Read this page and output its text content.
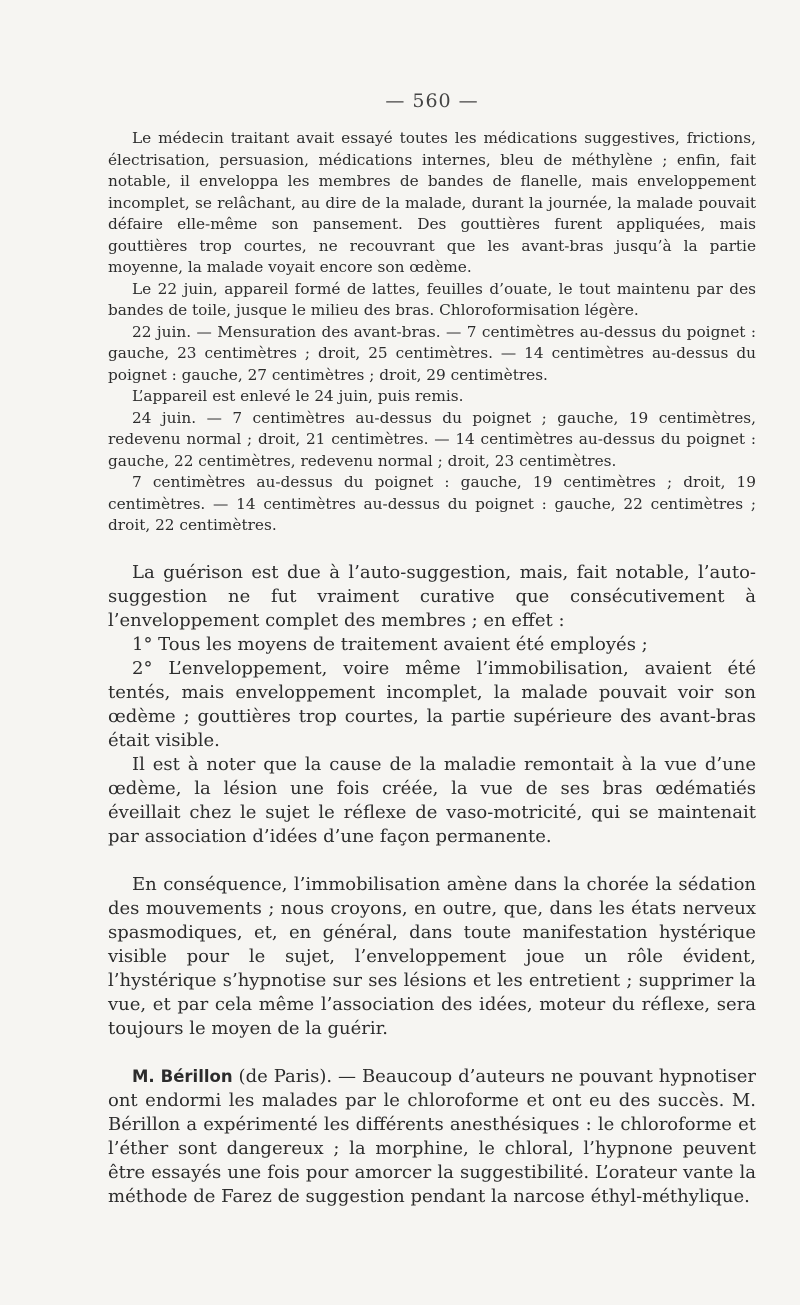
— 560 —

Le médecin traitant avait essayé toutes les médications suggestives, frictions, électrisation, persuasion, médications internes, bleu de méthylène ; enfin, fait notable, il enveloppa les membres de bandes de flanelle, mais enveloppement incomplet, se relâchant, au dire de la malade, durant la journée, la malade pouvait défaire elle-même son pansement. Des gouttières furent appliquées, mais gouttières trop courtes, ne recouvrant que les avant-bras jusqu’à la partie moyenne, la malade voyait encore son œdème.

Le 22 juin, appareil formé de lattes, feuilles d’ouate, le tout maintenu par des bandes de toile, jusque le milieu des bras. Chloroformisation légère.

22 juin. — Mensuration des avant-bras. — 7 centimètres au-dessus du poignet : gauche, 23 centimètres ; droit, 25 centimètres. — 14 centimètres au-dessus du poignet : gauche, 27 centimètres ; droit, 29 centimètres.

L’appareil est enlevé le 24 juin, puis remis.

24 juin. — 7 centimètres au-dessus du poignet ; gauche, 19 centimètres, redevenu normal ; droit, 21 centimètres. — 14 centimètres au-dessus du poignet : gauche, 22 centimètres, redevenu normal ; droit, 23 centimètres.

7 centimètres au-dessus du poignet : gauche, 19 centimètres ; droit, 19 centimètres. — 14 centimètres au-dessus du poignet : gauche, 22 centimètres ; droit, 22 centimètres.

La guérison est due à l’auto-suggestion, mais, fait notable, l’auto-suggestion ne fut vraiment curative que consécutivement à l’enveloppement complet des membres ; en effet :

1° Tous les moyens de traitement avaient été employés ;

2° L’enveloppement, voire même l’immobilisation, avaient été tentés, mais enveloppement incomplet, la malade pouvait voir son œdème ; gouttières trop courtes, la partie supérieure des avant-bras était visible.

Il est à noter que la cause de la maladie remontait à la vue d’une œdème, la lésion une fois créée, la vue de ses bras œdématiés éveillait chez le sujet le réflexe de vaso-motricité, qui se maintenait par association d’idées d’une façon permanente.

En conséquence, l’immobilisation amène dans la chorée la sédation des mouvements ; nous croyons, en outre, que, dans les états nerveux spasmodiques, et, en général, dans toute manifestation hystérique visible pour le sujet, l’enveloppement joue un rôle évident, l’hystérique s’hypnotise sur ses lésions et les entretient ; supprimer la vue, et par cela même l’association des idées, moteur du réflexe, sera toujours le moyen de la guérir.

M. Bérillon (de Paris). — Beaucoup d’auteurs ne pouvant hypnotiser ont endormi les malades par le chloroforme et ont eu des succès. M. Bérillon a expérimenté les différents anesthésiques : le chloroforme et l’éther sont dangereux ; la morphine, le chloral, l’hypnone peuvent être essayés une fois pour amorcer la suggestibilité. L’orateur vante la méthode de Farez de suggestion pendant la narcose éthyl-méthylique.
